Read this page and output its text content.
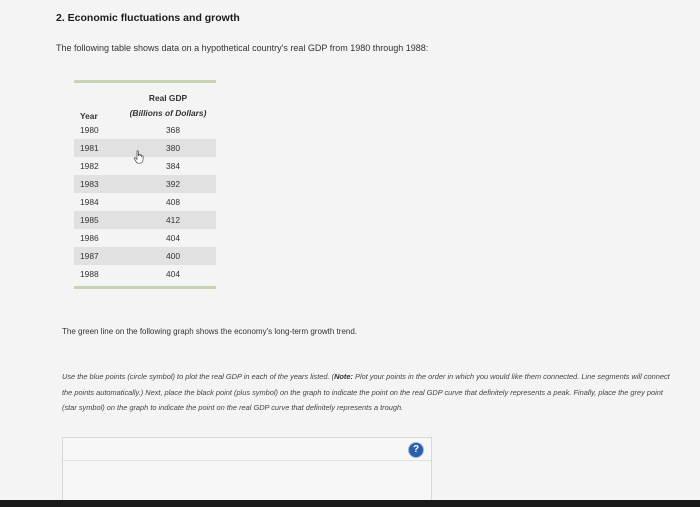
2. Economic fluctuations and growth
The following table shows data on a hypothetical country's real GDP from 1980 through 1988:
Year	Real GDP
(Billions of Dollars)

1980	368
1981	380
1982	384
1983	392
1984	408
1985	412
1986	404
1987	400
1988	404
The green line on the following graph shows the economy's long-term growth trend.
Use the blue points (circle symbol) to plot the real GDP in each of the years listed. (Note: Plot your points in the order in which you would like them connected. Line segments will connect the points automatically.) Next, place the black point (plus symbol) on the graph to indicate the point on the real GDP curve that definitely represents a peak. Finally, place the grey point (star symbol) on the graph to indicate the point on the real GDP curve that definitely represents a trough.
?
